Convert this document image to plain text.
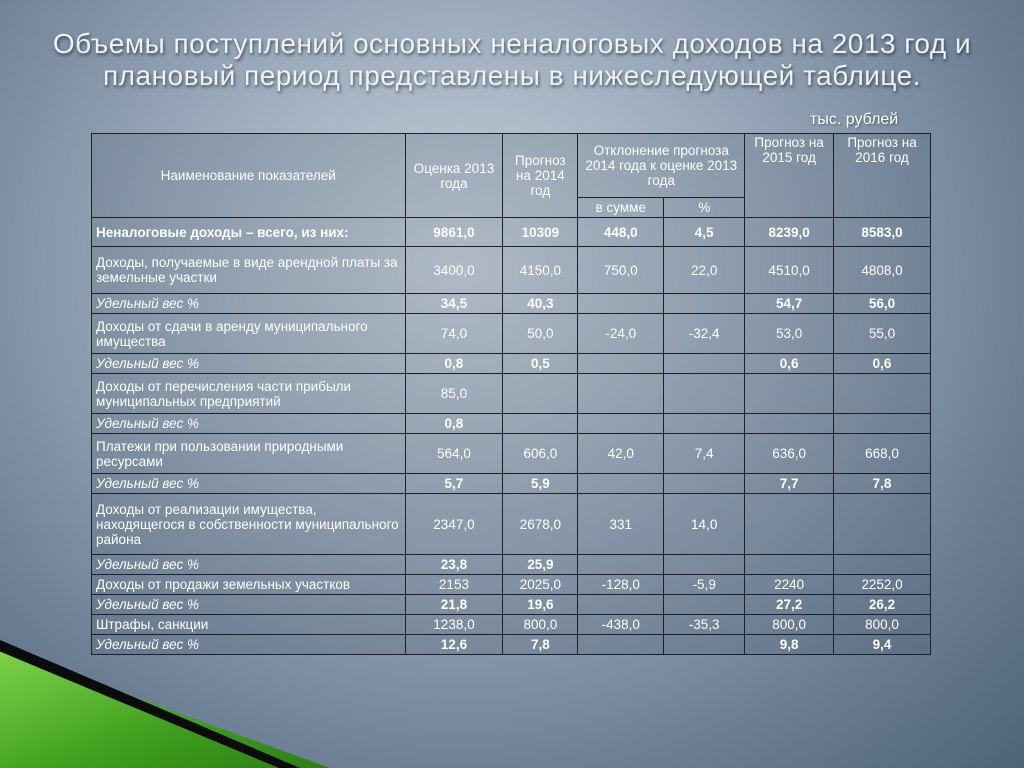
Объемы поступлений основных неналоговых доходов на 2013 год и плановый период представлены в нижеследующей таблице.
тыс. рублей
Наименование показателей	Оценка 2013 года	Прогноз на 2014 год	Отклонение прогноза 2014 года к оценке 2013 года		Прогноз на 2015 год	Прогноз на 2016 год
			в сумме	%		
Неналоговые доходы – всего, из них:	9861,0	10309	448,0	4,5	8239,0	8583,0
Доходы, получаемые в виде арендной платы за земельные участки	3400,0	4150,0	750,0	22,0	4510,0	4808,0
Удельный вес %	34,5	40,3			54,7	56,0
Доходы от сдачи в аренду муниципального имущества	74,0	50,0	-24,0	-32,4	53,0	55,0
Удельный вес %	0,8	0,5			0,6	0,6
Доходы от перечисления части прибыли муниципальных предприятий	85,0					
Удельный вес %	0,8					
Платежи при пользовании природными ресурсами	564,0	606,0	42,0	7,4	636,0	668,0
Удельный вес %	5,7	5,9			7,7	7,8
Доходы от реализации имущества, находящегося в собственности муниципального района	2347,0	2678,0	331	14,0		
Удельный вес %	23,8	25,9				
Доходы от продажи земельных участков	2153	2025,0	-128,0	-5,9	2240	2252,0
Удельный вес %	21,8	19,6			27,2	26,2
Штрафы, санкции	1238,0	800,0	-438,0	-35,3	800,0	800,0
Удельный вес %	12,6	7,8			9,8	9,4
